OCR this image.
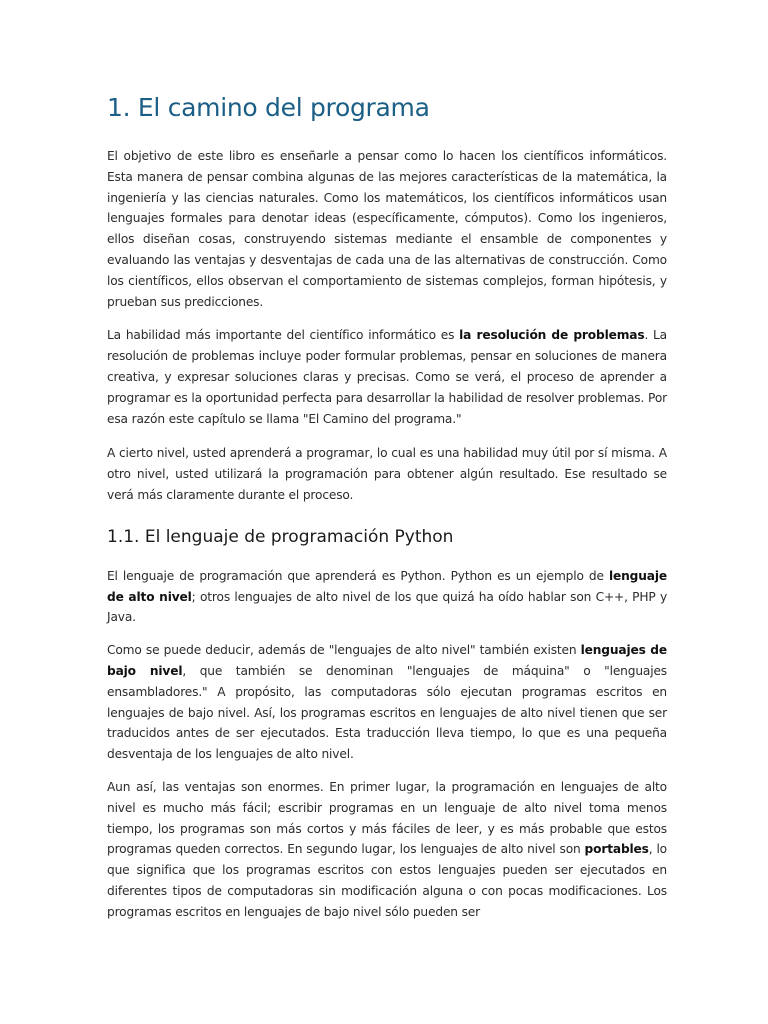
1. El camino del programa

El objetivo de este libro es enseñarle a pensar como lo hacen los científicos informáticos. Esta manera de pensar combina algunas de las mejores características de la matemática, la ingeniería y las ciencias naturales. Como los matemáticos, los científicos informáticos usan lenguajes formales para denotar ideas (específicamente, cómputos). Como los ingenieros, ellos diseñan cosas, construyendo sistemas mediante el ensamble de componentes y evaluando las ventajas y desventajas de cada una de las alternativas de construcción. Como los científicos, ellos observan el comportamiento de sistemas complejos, forman hipótesis, y prueban sus predicciones.

La habilidad más importante del científico informático es la resolución de problemas. La resolución de problemas incluye poder formular problemas, pensar en soluciones de manera creativa, y expresar soluciones claras y precisas. Como se verá, el proceso de aprender a programar es la oportunidad perfecta para desarrollar la habilidad de resolver problemas. Por esa razón este capítulo se llama "El Camino del programa."

A cierto nivel, usted aprenderá a programar, lo cual es una habilidad muy útil por sí misma. A otro nivel, usted utilizará la programación para obtener algún resultado. Ese resultado se verá más claramente durante el proceso.

1.1. El lenguaje de programación Python

El lenguaje de programación que aprenderá es Python. Python es un ejemplo de lenguaje de alto nivel; otros lenguajes de alto nivel de los que quizá ha oído hablar son C++, PHP y Java.

Como se puede deducir, además de "lenguajes de alto nivel" también existen lenguajes de bajo nivel, que también se denominan "lenguajes de máquina" o "lenguajes ensambladores." A propósito, las computadoras sólo ejecutan programas escritos en lenguajes de bajo nivel. Así, los programas escritos en lenguajes de alto nivel tienen que ser traducidos antes de ser ejecutados. Esta traducción lleva tiempo, lo que es una pequeña desventaja de los lenguajes de alto nivel.

Aun así, las ventajas son enormes. En primer lugar, la programación en lenguajes de alto nivel es mucho más fácil; escribir programas en un lenguaje de alto nivel toma menos tiempo, los programas son más cortos y más fáciles de leer, y es más probable que estos programas queden correctos. En segundo lugar, los lenguajes de alto nivel son portables, lo que significa que los programas escritos con estos lenguajes pueden ser ejecutados en diferentes tipos de computadoras sin modificación alguna o con pocas modificaciones. Los programas escritos en lenguajes de bajo nivel sólo pueden ser
